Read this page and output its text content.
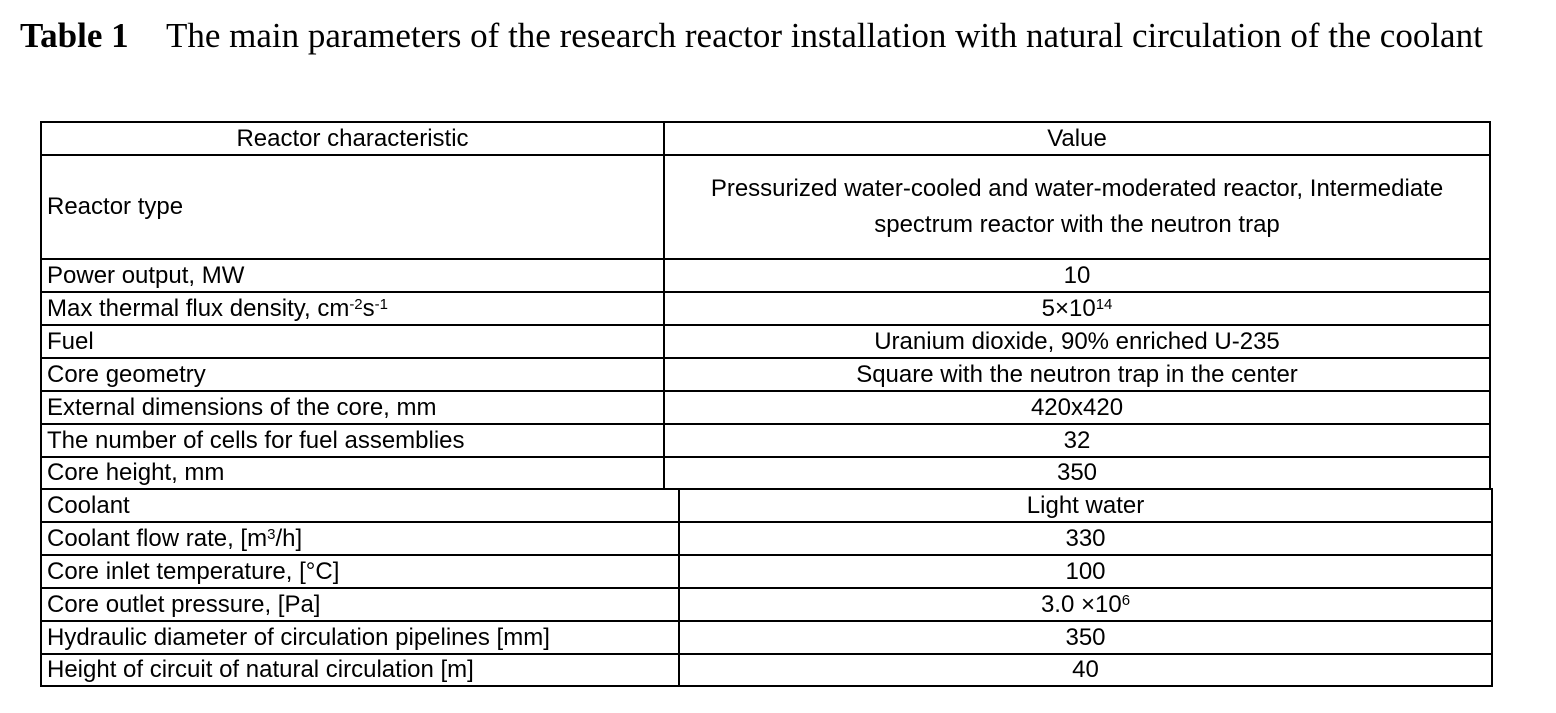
Table 1	The main parameters of the research reactor installation with natural circulation of the coolant
Reactor characteristic	Value
Reactor type	Pressurized water-cooled and water-moderated reactor, Intermediate spectrum reactor with the neutron trap
Power output, MW	10
Max thermal flux density, $cm^{-2}s^{-1}$	$5\times 10^{14}$
Fuel	Uranium dioxide, 90% enriched U-235
Core geometry	Square with the neutron trap in the center
External dimensions of the core, mm	420x420
The number of cells for fuel assemblies	32
Core height, mm	350
Coolant	Light water
Coolant flow rate, $[m^3/h]$	330
Core inlet temperature, [°C]	100
Core outlet pressure, [Pa]	$3.0 \times 10^6$
Hydraulic diameter of circulation pipelines [mm]	350
Height of circuit of natural circulation [m]	40
